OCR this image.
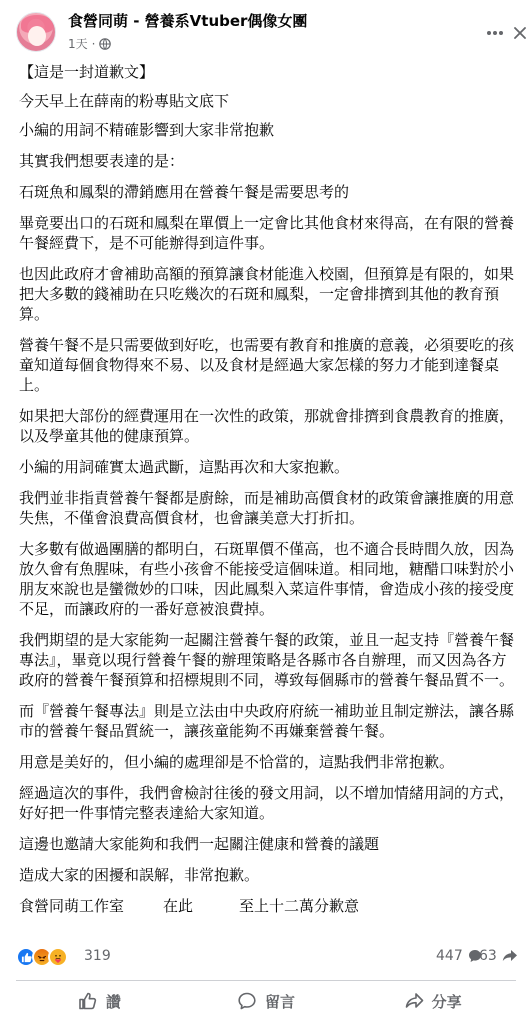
食營同萌 - 營養系Vtuber偶像女團
1天 ·

【這是一封道歉文】

今天早上在薛南的粉專貼文底下

小編的用詞不精確影響到大家非常抱歉

其實我們想要表達的是：

石斑魚和鳳梨的滯銷應用在營養午餐是需要思考的

畢竟要出口的石斑和鳳梨在單價上一定會比其他食材來得高，在有限的營養午餐經費下，是不可能辦得到這件事。

也因此政府才會補助高額的預算讓食材能進入校園，但預算是有限的，如果把大多數的錢補助在只吃幾次的石斑和鳳梨，一定會排擠到其他的教育預算。

營養午餐不是只需要做到好吃，也需要有教育和推廣的意義，必須要吃的孩童知道每個食物得來不易、以及食材是經過大家怎樣的努力才能到達餐桌上。

如果把大部份的經費運用在一次性的政策，那就會排擠到食農教育的推廣，以及學童其他的健康預算。

小編的用詞確實太過武斷，這點再次和大家抱歉。

我們並非指責營養午餐都是廚餘，而是補助高價食材的政策會讓推廣的用意失焦，不僅會浪費高價食材，也會讓美意大打折扣。

大多數有做過團膳的都明白，石斑單價不僅高，也不適合長時間久放，因為放久會有魚腥味，有些小孩會不能接受這個味道。相同地，糖醋口味對於小朋友來說也是蠻微妙的口味，因此鳳梨入菜這件事情，會造成小孩的接受度不足，而讓政府的一番好意被浪費掉。

我們期望的是大家能夠一起關注營養午餐的政策，並且一起支持『營養午餐專法』，畢竟以現行營養午餐的辦理策略是各縣市各自辦理，而又因為各方政府的營養午餐預算和招標規則不同，導致每個縣市的營養午餐品質不一。

而『營養午餐專法』則是立法由中央政府府統一補助並且制定辦法，讓各縣市的營養午餐品質統一，讓孩童能夠不再嫌棄營養午餐。

用意是美好的，但小編的處理卻是不恰當的，這點我們非常抱歉。

經過這次的事件，我們會檢討往後的發文用詞，以不增加情緒用詞的方式，好好把一件事情完整表達給大家知道。

這邊也邀請大家能夠和我們一起關注健康和營養的議題

造成大家的困擾和誤解，非常抱歉。

食營同萌工作室	在此	至上十二萬分歉意
319	447 63
讚	留言	分享
